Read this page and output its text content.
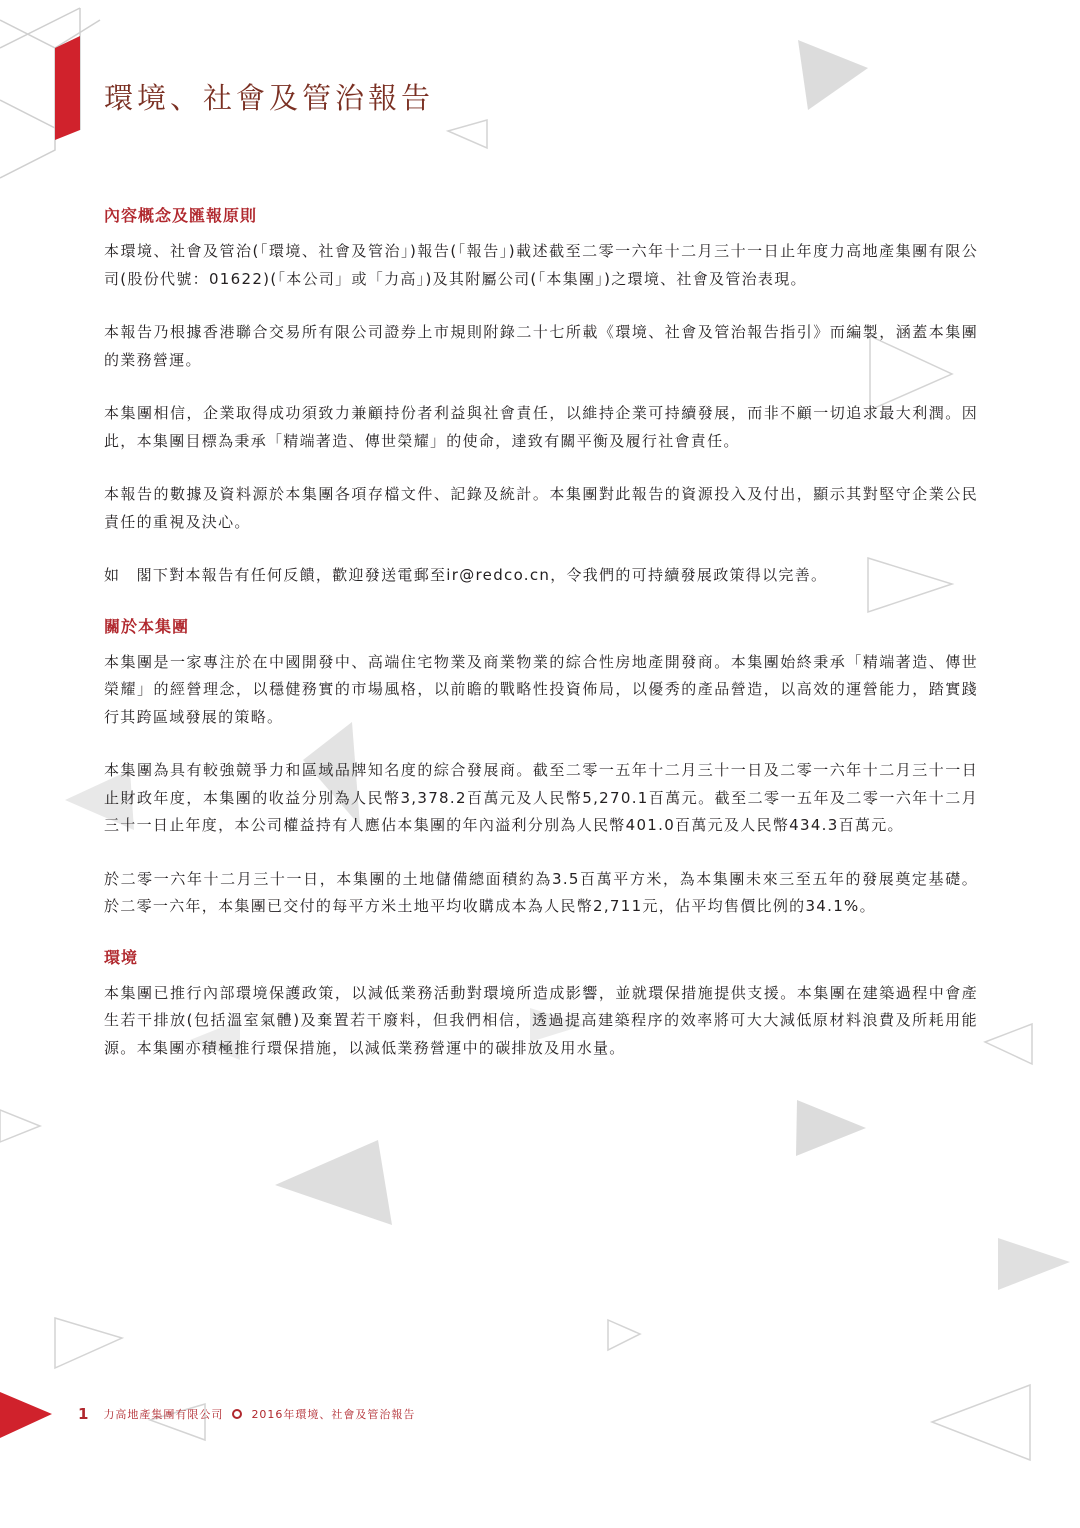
環境、社會及管治報告
內容概念及匯報原則

本環境、社會及管治(「環境、社會及管治」)報告(「報告」)載述截至二零一六年十二月三十一日止年度力高地產集團有限公司(股份代號：01622)(「本公司」或「力高」)及其附屬公司(「本集團」)之環境、社會及管治表現。

本報告乃根據香港聯合交易所有限公司證券上市規則附錄二十七所載《環境、社會及管治報告指引》而編製，涵蓋本集團的業務營運。

本集團相信，企業取得成功須致力兼顧持份者利益與社會責任，以維持企業可持續發展，而非不顧一切追求最大利潤。因此，本集團目標為秉承「精端著造、傳世榮耀」的使命，達致有關平衡及履行社會責任。

本報告的數據及資料源於本集團各項存檔文件、記錄及統計。本集團對此報告的資源投入及付出，顯示其對堅守企業公民責任的重視及決心。

如　閣下對本報告有任何反饋，歡迎發送電郵至ir@redco.cn，令我們的可持續發展政策得以完善。

關於本集團

本集團是一家專注於在中國開發中、高端住宅物業及商業物業的綜合性房地產開發商。本集團始終秉承「精端著造、傳世榮耀」的經營理念，以穩健務實的市場風格，以前瞻的戰略性投資佈局，以優秀的產品營造，以高效的運營能力，踏實踐行其跨區域發展的策略。

本集團為具有較強競爭力和區域品牌知名度的綜合發展商。截至二零一五年十二月三十一日及二零一六年十二月三十一日止財政年度，本集團的收益分別為人民幣3,378.2百萬元及人民幣5,270.1百萬元。截至二零一五年及二零一六年十二月三十一日止年度，本公司權益持有人應佔本集團的年內溢利分別為人民幣401.0百萬元及人民幣434.3百萬元。

於二零一六年十二月三十一日，本集團的土地儲備總面積約為3.5百萬平方米，為本集團未來三至五年的發展奠定基礎。於二零一六年，本集團已交付的每平方米土地平均收購成本為人民幣2,711元，佔平均售價比例的34.1%。

環境

本集團已推行內部環境保護政策，以減低業務活動對環境所造成影響，並就環保措施提供支援。本集團在建築過程中會產生若干排放(包括溫室氣體)及棄置若干廢料，但我們相信，透過提高建築程序的效率將可大大減低原材料浪費及所耗用能源。本集團亦積極推行環保措施，以減低業務營運中的碳排放及用水量。

1 力高地產集團有限公司	2016年環境、社會及管治報告
